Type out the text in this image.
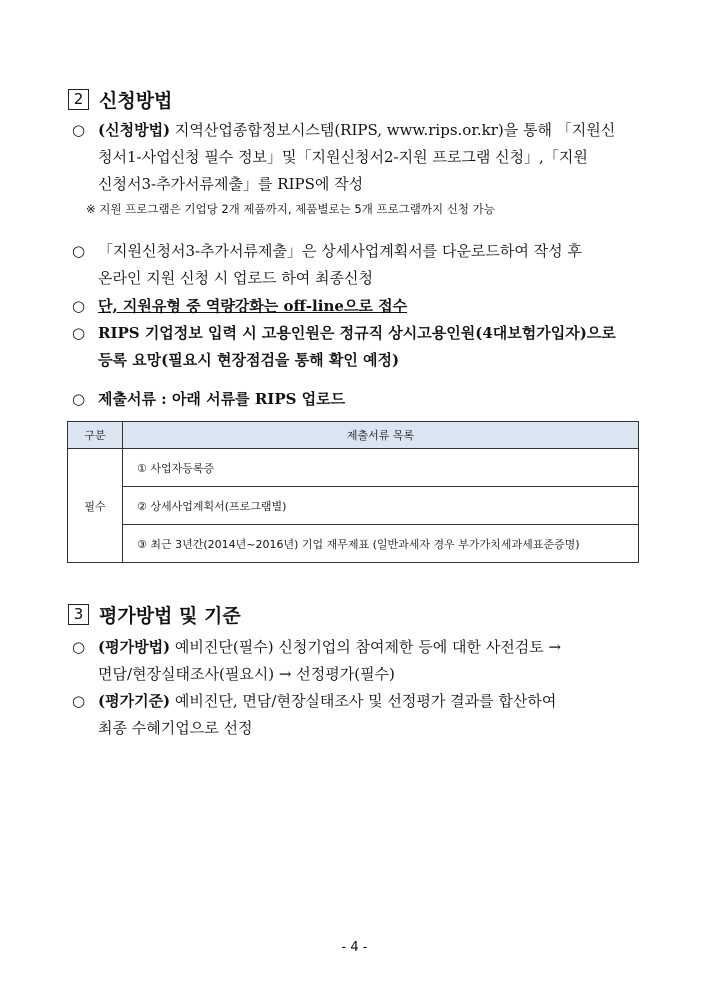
2 신청방법
○ (신청방법) 지역산업종합정보시스템(RIPS, www.rips.or.kr)을 통해 「지원신
청서1-사업신청 필수 정보」및「지원신청서2-지원 프로그램 신청」,「지원
신청서3-추가서류제출」를 RIPS에 작성
※ 지원 프로그램은 기업당 2개 제품까지, 제품별로는 5개 프로그램까지 신청 가능
○ 「지원신청서3-추가서류제출」은 상세사업계획서를 다운로드하여 작성 후
온라인 지원 신청 시 업로드 하여 최종신청
○ 단, 지원유형 중 역량강화는 off-line으로 접수
○ RIPS 기업정보 입력 시 고용인원은 정규직 상시고용인원(4대보험가입자)으로
등록 요망(필요시 현장점검을 통해 확인 예정)
○ 제출서류 : 아래 서류를 RIPS 업로드
구분	제출서류 목록
필수	① 사업자등록증
	② 상세사업계획서(프로그램별)
	③ 최근 3년간(2014년~2016년) 기업 재무제표 (일반과세자 경우 부가가치세과세표준증명)
3 평가방법 및 기준
○ (평가방법) 예비진단(필수) 신청기업의 참여제한 등에 대한 사전검토 →
면담/현장실태조사(필요시) → 선정평가(필수)
○ (평가기준) 예비진단, 면담/현장실태조사 및 선정평가 결과를 합산하여
최종 수혜기업으로 선정
- 4 -
